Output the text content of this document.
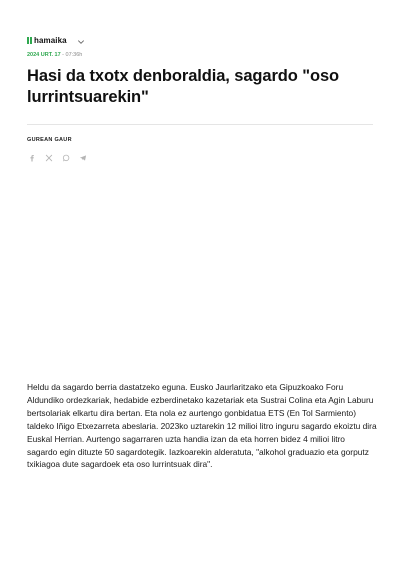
hamaika
2024 URT. 17 - 07:36h
Hasi da txotx denboraldia, sagardo "oso lurrintsuarekin"
GUREAN GAUR

Heldu da sagardo berria dastatzeko eguna. Eusko Jaurlaritzako eta Gipuzkoako Foru Aldundiko ordezkariak, hedabide ezberdinetako kazetariak eta Sustrai Colina eta Agin Laburu bertsolariak elkartu dira bertan. Eta nola ez aurtengo gonbidatua ETS (En Tol Sarmiento) taldeko Iñigo Etxezarreta abeslaria. 2023ko uztarekin 12 milioi litro inguru sagardo ekoiztu dira Euskal Herrian. Aurtengo sagarraren uzta handia izan da eta horren bidez 4 milioi litro sagardo egin dituzte 50 sagardotegik. Iazkoarekin alderatuta, "alkohol graduazio eta gorputz txikiagoa dute sagardoek eta oso lurrintsuak dira".
